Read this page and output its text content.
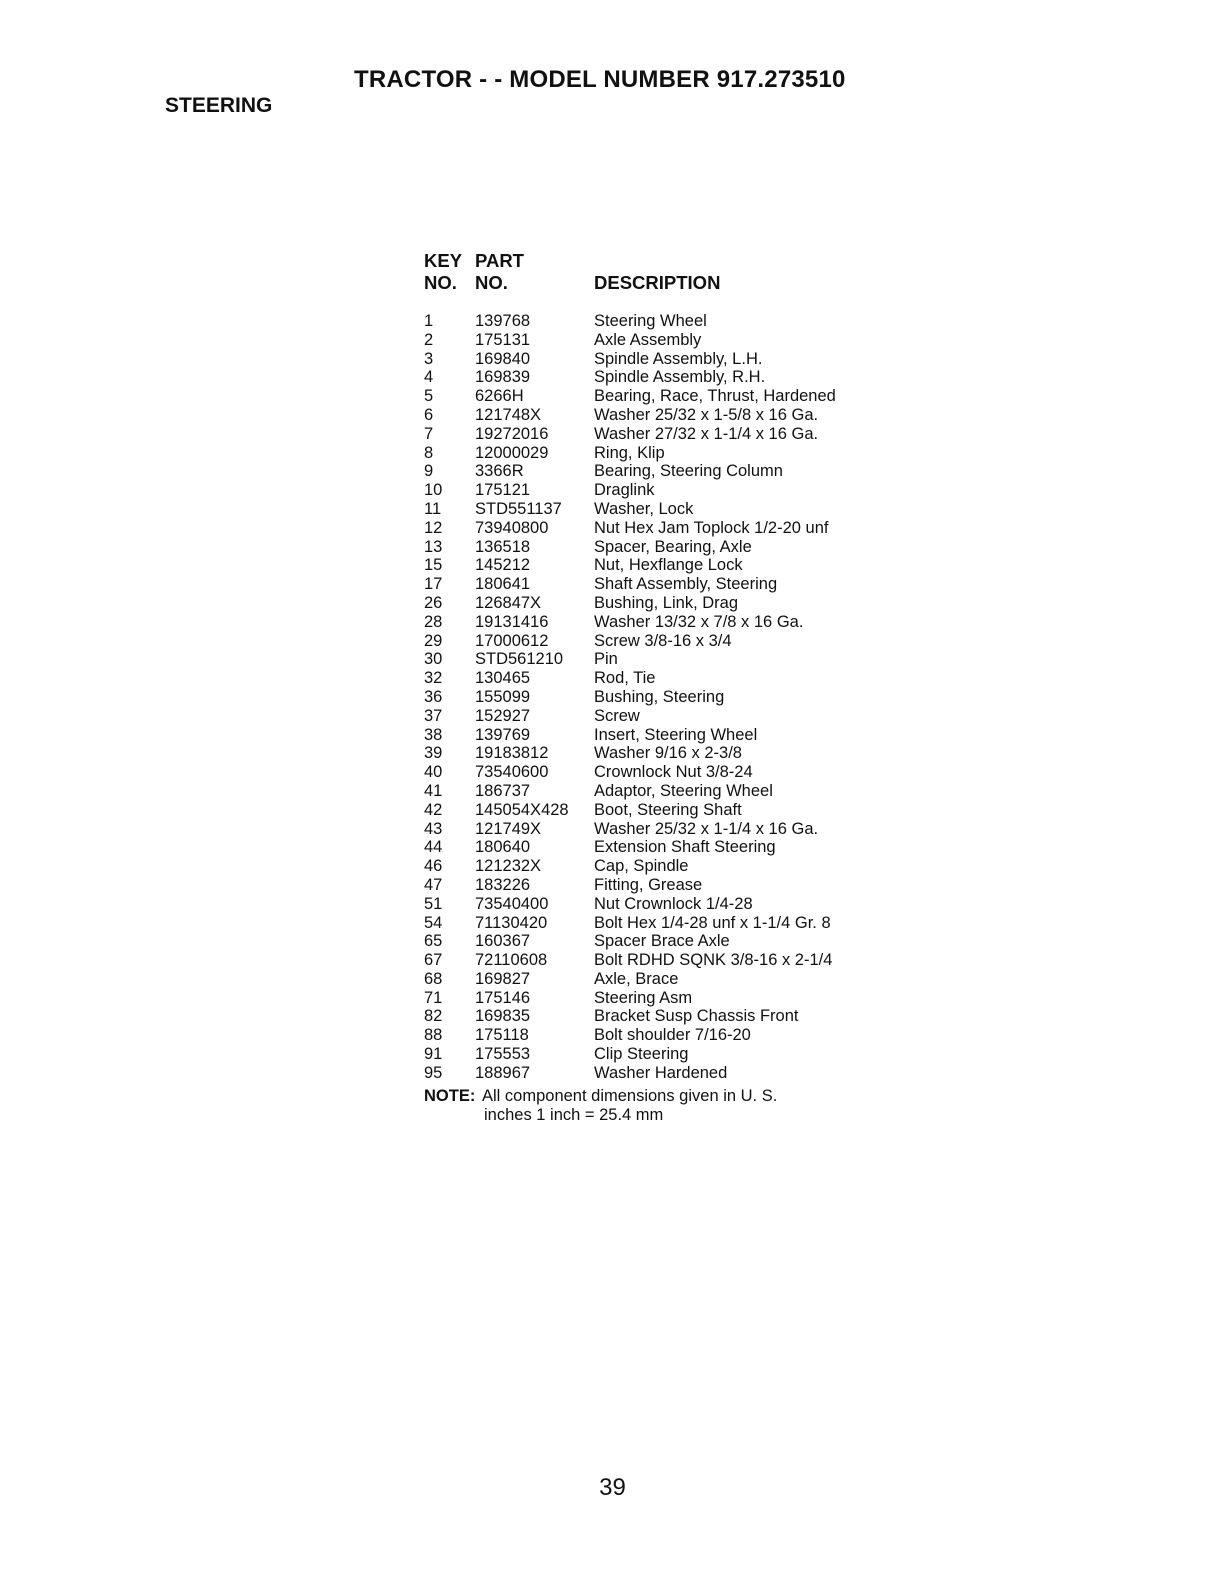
TRACTOR - - MODEL NUMBER 917.273510
STEERING
KEY PART
NO. NO.	DESCRIPTION
1	139768	Steering Wheel
2	175131	Axle Assembly
3	169840	Spindle Assembly, L.H.
4	169839	Spindle Assembly, R.H.
5	6266H	Bearing, Race, Thrust, Hardened
6	121748X	Washer 25/32 x 1-5/8 x 16 Ga.
7	19272016	Washer 27/32 x 1-1/4 x 16 Ga.
8	12000029	Ring, Klip
9	3366R	Bearing, Steering Column
10	175121	Draglink
11	STD551137	Washer, Lock
12	73940800	Nut Hex Jam Toplock 1/2-20 unf
13	136518	Spacer, Bearing, Axle
15	145212	Nut, Hexflange Lock
17	180641	Shaft Assembly, Steering
26	126847X	Bushing, Link, Drag
28	19131416	Washer 13/32 x 7/8 x 16 Ga.
29	17000612	Screw 3/8-16 x 3/4
30	STD561210	Pin
32	130465	Rod, Tie
36	155099	Bushing, Steering
37	152927	Screw
38	139769	Insert, Steering Wheel
39	19183812	Washer 9/16 x 2-3/8
40	73540600	Crownlock Nut 3/8-24
41	186737	Adaptor, Steering Wheel
42	145054X428	Boot, Steering Shaft
43	121749X	Washer 25/32 x 1-1/4 x 16 Ga.
44	180640	Extension Shaft Steering
46	121232X	Cap, Spindle
47	183226	Fitting, Grease
51	73540400	Nut Crownlock 1/4-28
54	71130420	Bolt Hex 1/4-28 unf x 1-1/4 Gr. 8
65	160367	Spacer Brace Axle
67	72110608	Bolt RDHD SQNK 3/8-16 x 2-1/4
68	169827	Axle, Brace
71	175146	Steering Asm
82	169835	Bracket Susp Chassis Front
88	175118	Bolt shoulder 7/16-20
91	175553	Clip Steering
95	188967	Washer Hardened
NOTE: All component dimensions given in U. S.
inches 1 inch = 25.4 mm
39
